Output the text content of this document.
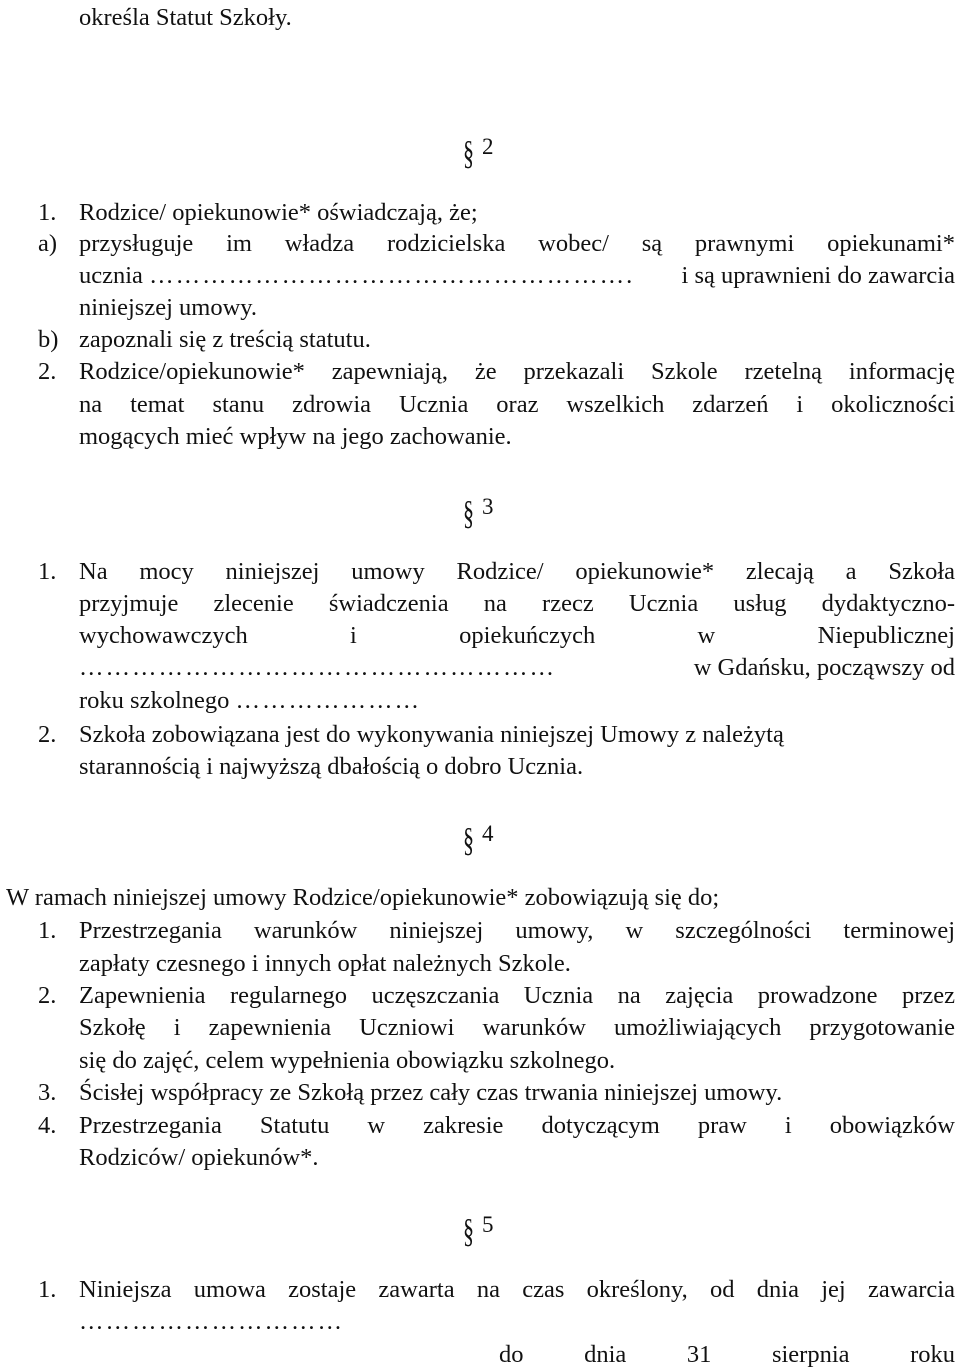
określa Statut Szkoły.
§ 2
1. Rodzice/ opiekunowie* oświadczają, że;
a) przysługuje im władza rodzicielska wobec/ są prawnymi opiekunami*
ucznia ………………………………………………. i są uprawnieni do zawarcia
niniejszej umowy.
b) zapoznali się z treścią statutu.
2. Rodzice/opiekunowie* zapewniają, że przekazali Szkole rzetelną informację
na temat stanu zdrowia Ucznia oraz wszelkich zdarzeń i okoliczności
mogących mieć wpływ na jego zachowanie.
§ 3
1. Na mocy niniejszej umowy Rodzice/ opiekunowie* zlecają a Szkoła
przyjmuje zlecenie świadczenia na rzecz Ucznia usług dydaktyczno-
wychowawczych i opiekuńczych w Niepublicznej
………………………………………………	w Gdańsku, począwszy od
roku szkolnego …………………
2. Szkoła zobowiązana jest do wykonywania niniejszej Umowy z należytą
starannością i najwyższą dbałością o dobro Ucznia.
§ 4
W ramach niniejszej umowy Rodzice/opiekunowie* zobowiązują się do;
1. Przestrzegania warunków niniejszej umowy, w szczególności terminowej
zapłaty czesnego i innych opłat należnych Szkole.
2. Zapewnienia regularnego uczęszczania Ucznia na zajęcia prowadzone przez
Szkołę i zapewnienia Uczniowi warunków umożliwiających przygotowanie
się do zajęć, celem wypełnienia obowiązku szkolnego.
3. Ścisłej współpracy ze Szkołą przez cały czas trwania niniejszej umowy.
4. Przestrzegania Statutu w zakresie dotyczącym praw i obowiązków
Rodziców/ opiekunów*.
§ 5
1. Niniejsza umowa zostaje zawarta na czas określony, od dnia jej zawarcia
…………………………
do dnia 31 sierpnia roku
